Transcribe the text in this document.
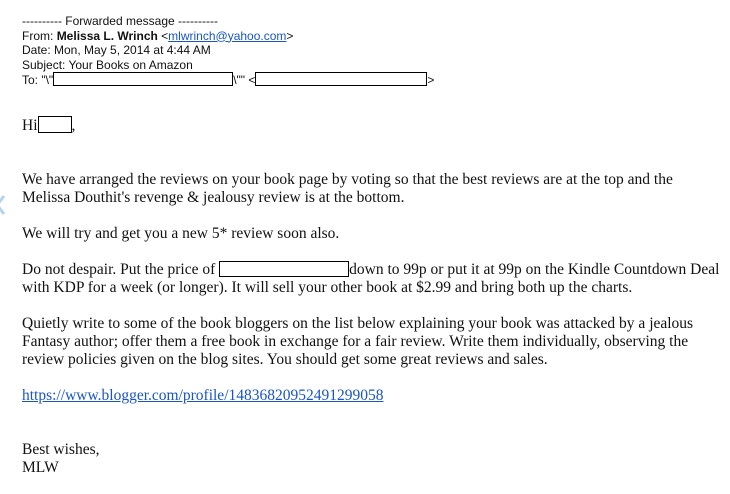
---------- Forwarded message ----------
From: Melissa L. Wrinch <mlwrinch@yahoo.com>
Date: Mon, May 5, 2014 at 4:44 AM
Subject: Your Books on Amazon
To: "\"	\"" <	>

Hi ,

We have arranged the reviews on your book page by voting so that the best reviews are at the top and the Melissa Douthit's revenge & jealousy review is at the bottom.

We will try and get you a new 5* review soon also.

Do not despair. Put the price of	down to 99p or put it at 99p on the Kindle Countdown Deal with KDP for a week (or longer). It will sell your other book at $2.99 and bring both up the charts.

Quietly write to some of the book bloggers on the list below explaining your book was attacked by a jealous Fantasy author; offer them a free book in exchange for a fair review. Write them individually, observing the review policies given on the blog sites. You should get some great reviews and sales.

https://www.blogger.com/profile/14836820952491299058

Best wishes,

MLW
